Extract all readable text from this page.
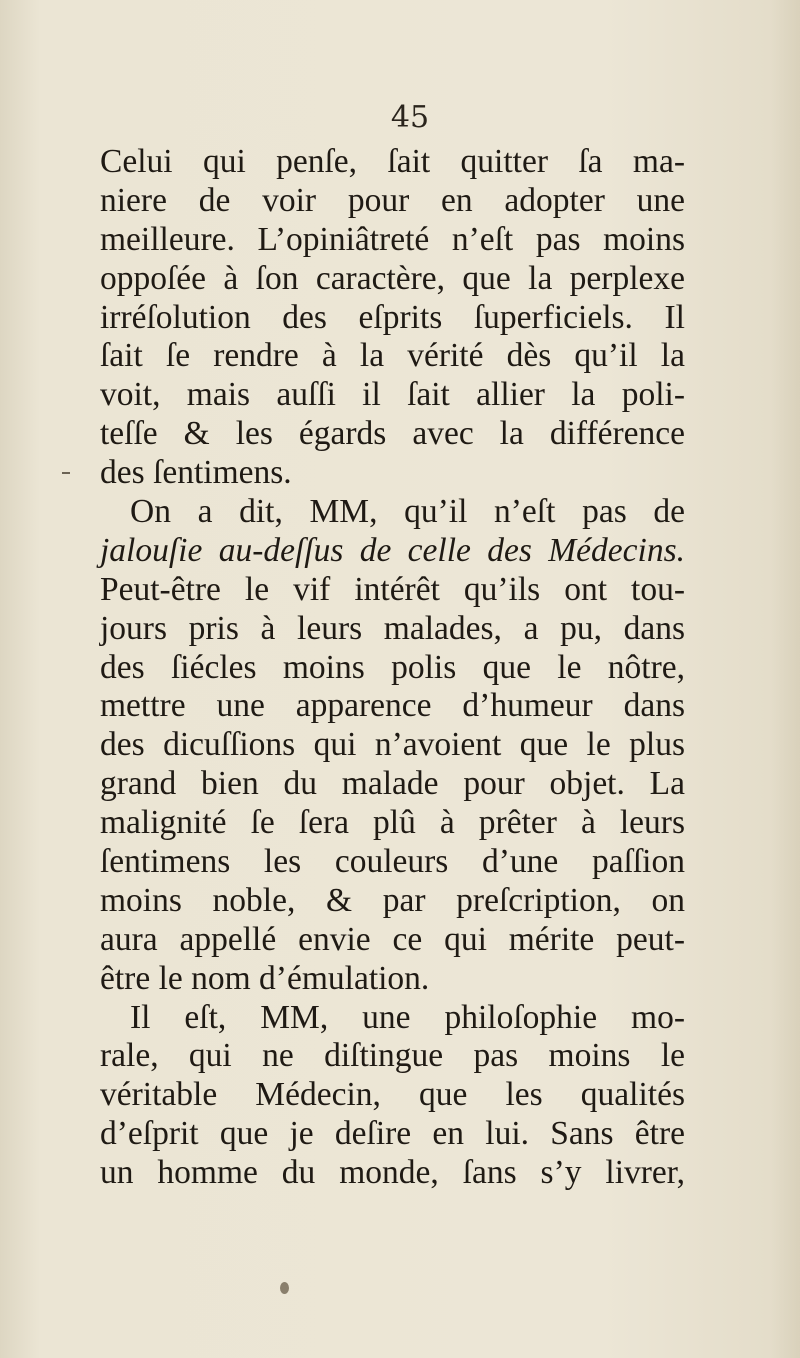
45
Celui qui penſe, ſait quitter ſa ma-
niere de voir pour en adopter une
meilleure. L’opiniâtreté n’eſt pas moins
oppoſée à ſon caractère, que la perplexe
irréſolution des eſprits ſuperficiels. Il
ſait ſe rendre à la vérité dès qu’il la
voit, mais auſſi il ſait allier la poli-
teſſe & les égards avec la différence
des ſentimens.
On a dit, MM, qu’il n’eſt pas de
jalouſie au-deſſus de celle des Médecins.
Peut-être le vif intérêt qu’ils ont tou-
jours pris à leurs malades, a pu, dans
des ſiécles moins polis que le nôtre,
mettre une apparence d’humeur dans
des dicuſſions qui n’avoient que le plus
grand bien du malade pour objet. La
malignité ſe ſera plû à prêter à leurs
ſentimens les couleurs d’une paſſion
moins noble, & par preſcription, on
aura appellé envie ce qui mérite peut-
être le nom d’émulation.
Il eſt, MM, une philoſophie mo-
rale, qui ne diſtingue pas moins le
véritable Médecin, que les qualités
d’eſprit que je deſire en lui. Sans être
un homme du monde, ſans s’y livrer,
